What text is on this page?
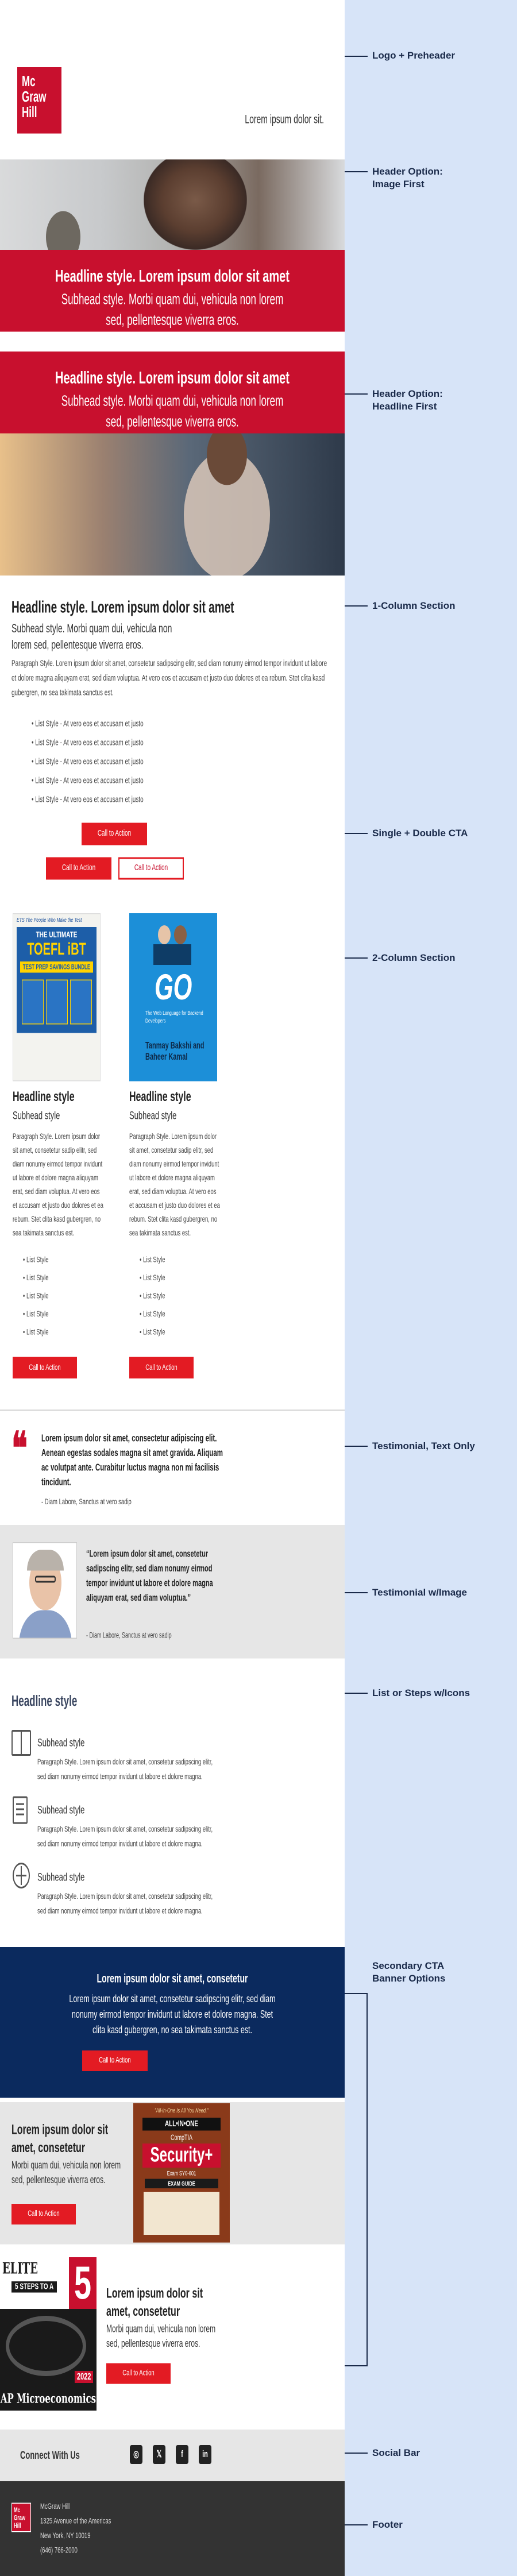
Mc
Graw
Hill	Lorem ipsum dolor sit.
Headline style. Lorem ipsum dolor sit amet
Subhead style. Morbi quam dui, vehicula non lorem sed, pellentesque viverra eros.
Headline style. Lorem ipsum dolor sit amet
Subhead style. Morbi quam dui, vehicula non lorem sed, pellentesque viverra eros.
Headline style. Lorem ipsum dolor sit amet
Subhead style. Morbi quam dui, vehicula non lorem sed, pellentesque viverra eros.
Paragraph Style. Lorem ipsum dolor sit amet, consetetur sadipscing elitr, sed diam nonumy eirmod tempor invidunt ut labore et dolore magna aliquyam erat, sed diam voluptua. At vero eos et accusam et justo duo dolores et ea rebum. Stet clita kasd gubergren, no sea takimata sanctus est.
• List Style - At vero eos et accusam et justo
• List Style - At vero eos et accusam et justo
• List Style - At vero eos et accusam et justo
• List Style - At vero eos et accusam et justo
• List Style - At vero eos et accusam et justo
Call to Action
Call to Action	Call to Action
ETS The People Who Make the Test
THE ULTIMATE
TOEFL iBT
TEST PREP SAVINGS BUNDLE	GO
The Web Language for Backend Developers
Tanmay Bakshi and Baheer Kamal
Headline style
Subhead style
Paragraph Style. Lorem ipsum dolor sit amet, consetetur sadip elitr, sed diam nonumy eirmod tempor invidunt ut labore et dolore magna aliquyam erat, sed diam voluptua. At vero eos et accusam et justo duo dolores et ea rebum. Stet clita kasd gubergren, no sea takimata sanctus est.
• List Style
• List Style
• List Style
• List Style
• List Style
Call to Action
Headline style
Subhead style
Paragraph Style. Lorem ipsum dolor sit amet, consetetur sadip elitr, sed diam nonumy eirmod tempor invidunt ut labore et dolore magna aliquyam erat, sed diam voluptua. At vero eos et accusam et justo duo dolores et ea rebum. Stet clita kasd gubergren, no sea takimata sanctus est.
• List Style
• List Style
• List Style
• List Style
• List Style
Call to Action
❝ Lorem ipsum dolor sit amet, consectetur adipiscing elit. Aenean egestas sodales magna sit amet gravida. Aliquam ac volutpat ante. Curabitur luctus magna non mi facilisis tincidunt.
- Diam Labore, Sanctus at vero sadip
“Lorem ipsum dolor sit amet, consetetur sadipscing elitr, sed diam nonumy eirmod tempor invidunt ut labore et dolore magna aliquyam erat, sed diam voluptua.”
- Diam Labore, Sanctus at vero sadip
Headline style
Subhead style
Paragraph Style. Lorem ipsum dolor sit amet, consetetur sadipscing elitr, sed diam nonumy eirmod tempor invidunt ut labore et dolore magna.
Subhead style
Paragraph Style. Lorem ipsum dolor sit amet, consetetur sadipscing elitr, sed diam nonumy eirmod tempor invidunt ut labore et dolore magna.
Subhead style
Paragraph Style. Lorem ipsum dolor sit amet, consetetur sadipscing elitr, sed diam nonumy eirmod tempor invidunt ut labore et dolore magna.
Lorem ipsum dolor sit amet, consetetur
Lorem ipsum dolor sit amet, consetetur sadipscing elitr, sed diam nonumy eirmod tempor invidunt ut labore et dolore magna. Stet clita kasd gubergren, no sea takimata sanctus est.
Call to Action
Lorem ipsum dolor sit amet, consetetur
Morbi quam dui, vehicula non lorem sed, pellentesque viverra eros.
Call to Action
"All-in-One Is All You Need."
ALL•IN•ONE
CompTIA
Security+
Exam SY0-601
EXAM GUIDE
ELITE
5 STEPS TO A 5
2022
AP Microeconomics
Lorem ipsum dolor sit amet, consetetur
Morbi quam dui, vehicula non lorem sed, pellentesque viverra eros.
Call to Action
Connect With Us	◎	𝕏	f	in
Mc
Graw
Hill
McGraw Hill
1325 Avenue of the Americas
New York, NY 10019
(646) 766-2000
Logo + Preheader
Header Option: Image First
Header Option: Headline First
1-Column Section
Single + Double CTA
2-Column Section
Testimonial, Text Only
Testimonial w/Image
List or Steps w/Icons
Secondary CTA Banner Options
Social Bar
Footer
